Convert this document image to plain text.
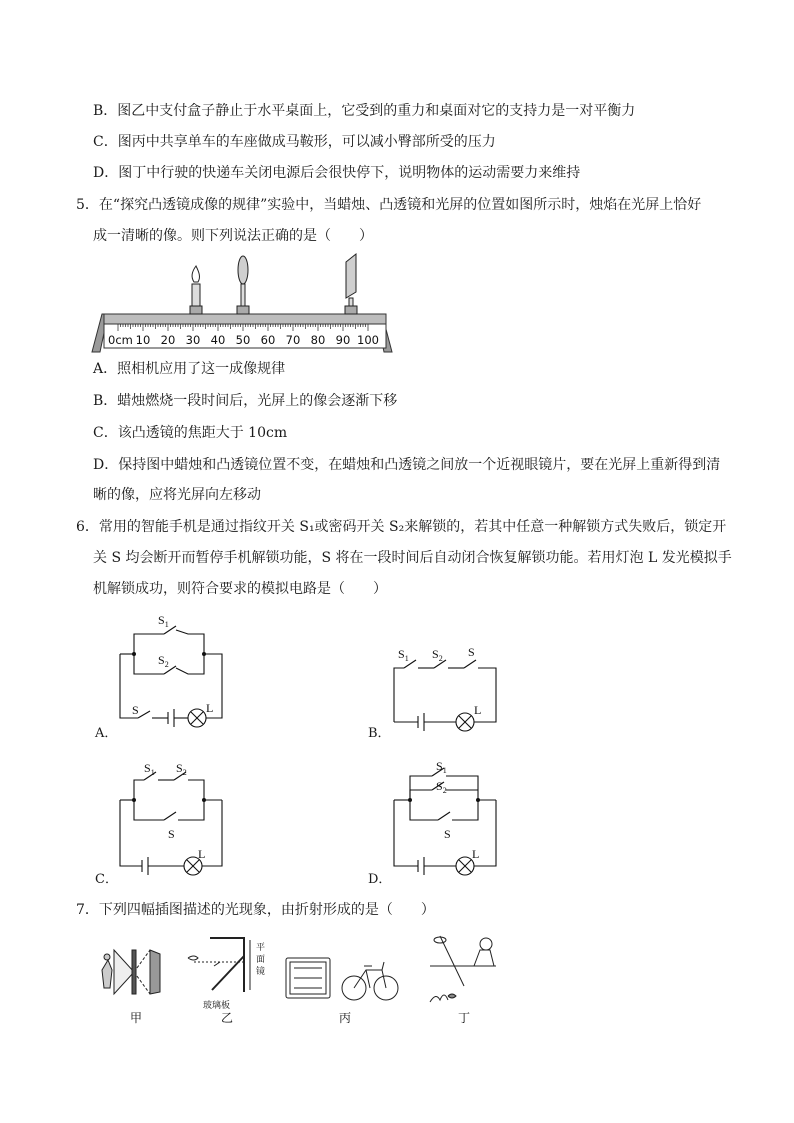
B．图乙中支付盒子静止于水平桌面上，它受到的重力和桌面对它的支持力是一对平衡力
C．图丙中共享单车的车座做成马鞍形，可以减小臀部所受的压力
D．图丁中行驶的快递车关闭电源后会很快停下，说明物体的运动需要力来维持
5．在“探究凸透镜成像的规律”实验中，当蜡烛、凸透镜和光屏的位置如图所示时，烛焰在光屏上恰好
成一清晰的像。则下列说法正确的是（　　）
0cm 10 20 30 40 50 60 70 80 90 100
A．照相机应用了这一成像规律
B．蜡烛燃烧一段时间后，光屏上的像会逐渐下移
C．该凸透镜的焦距大于 10cm
D．保持图中蜡烛和凸透镜位置不变，在蜡烛和凸透镜之间放一个近视眼镜片，要在光屏上重新得到清
晰的像，应将光屏向左移动
6．常用的智能手机是通过指纹开关 S₁或密码开关 S₂来解锁的，若其中任意一种解锁方式失败后，锁定开
关 S 均会断开而暂停手机解锁功能，S 将在一段时间后自动闭合恢复解锁功能。若用灯泡 L 发光模拟手
机解锁成功，则符合要求的模拟电路是（　　）
$S_1$
$S_2$
S	L
A．
$S_1$ $S_2$ S
L
B．
$S_1$ $S_2$
S
L
C．
$S_1$
$S_2$
S
L
D．
7．下列四幅插图描述的光现象，由折射形成的是（　　）
玻璃板
平
面
镜
甲	乙	丙	丁
